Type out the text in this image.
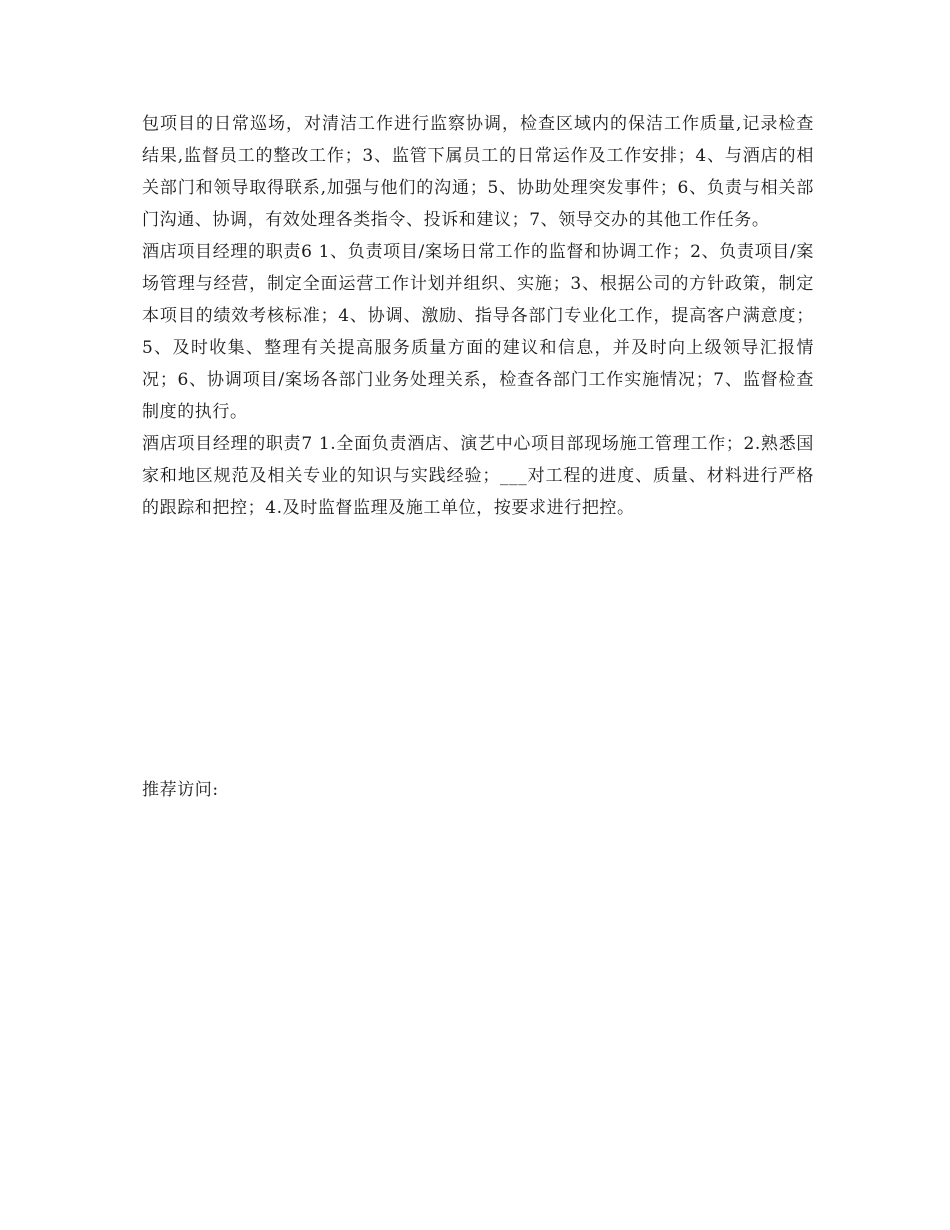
包项目的日常巡场，对清洁工作进行监察协调，检查区域内的保洁工作质量,记录检查结果,监督员工的整改工作；3、监管下属员工的日常运作及工作安排；4、与酒店的相关部门和领导取得联系,加强与他们的沟通；5、协助处理突发事件；6、负责与相关部门沟通、协调，有效处理各类指令、投诉和建议；7、领导交办的其他工作任务。

酒店项目经理的职责6 1、负责项目/案场日常工作的监督和协调工作；2、负责项目/案场管理与经营，制定全面运营工作计划并组织、实施；3、根据公司的方针政策，制定本项目的绩效考核标准；4、协调、激励、指导各部门专业化工作，提高客户满意度；5、及时收集、整理有关提高服务质量方面的建议和信息，并及时向上级领导汇报情况；6、协调项目/案场各部门业务处理关系，检查各部门工作实施情况；7、监督检查制度的执行。

酒店项目经理的职责7 1.全面负责酒店、演艺中心项目部现场施工管理工作；2.熟悉国家和地区规范及相关专业的知识与实践经验；___对工程的进度、质量、材料进行严格的跟踪和把控；4.及时监督监理及施工单位，按要求进行把控。

推荐访问:
